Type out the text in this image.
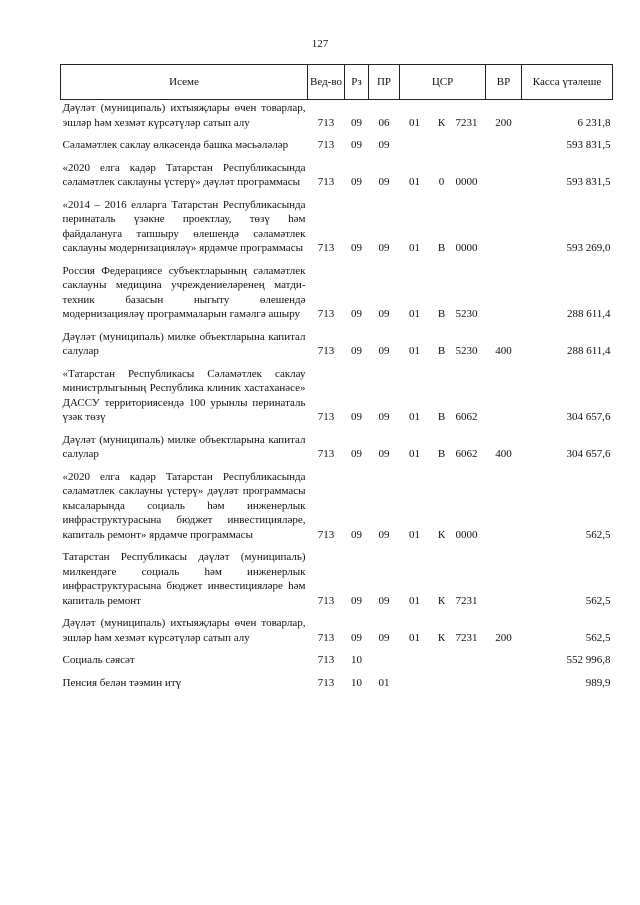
127
Исеме	Вед-во	Рз	ПР	ЦСР			ВР	Касса үтәлеше
Дәүләт (муниципаль) ихтыяҗлары өчен товарлар, эшләр һәм хезмәт күрсәтүләр сатып алу	713	09	06	01	К	7231	200	6 231,8

Сәламәтлек саклау өлкәсендә башка мәсьәләләр	713	09	09					593 831,5

«2020 елга кадәр Татарстан Республикасында сәламәтлек саклауны үстерү» дәүләт программасы	713	09	09	01	0	0000		593 831,5

«2014 – 2016 елларга Татарстан Республикасында перинаталь үзәкне проектлау, төзү һәм файдалануга тапшыру өлешендә сәламәтлек саклауны модернизацияләү» ярдәмче программасы	713	09	09	01	В	0000		593 269,0

Россия Федерациясе субъектларының сәламәтлек саклауны медицина учреждениеләренең матди-техник базасын ныгыту өлешендә модернизацияләү программаларын гамәлгә ашыру	713	09	09	01	В	5230		288 611,4

Дәүләт (муниципаль) милке объектларына капитал салулар	713	09	09	01	В	5230	400	288 611,4

«Татарстан Республикасы Сәламәтлек саклау министрлыгының Республика клиник хастаханәсе» ДАССУ территориясендә 100 урынлы перинаталь үзәк төзү	713	09	09	01	В	6062		304 657,6

Дәүләт (муниципаль) милке объектларына капитал салулар	713	09	09	01	В	6062	400	304 657,6

«2020 елга кадәр Татарстан Республикасында сәламәтлек саклауны үстерү» дәүләт программасы кысаларында социаль һәм инженерлык инфраструктурасына бюджет инвестицияләре, капиталь ремонт» ярдәмче программасы	713	09	09	01	К	0000		562,5

Татарстан Республикасы дәүләт (муниципаль) милкендәге социаль һәм инженерлык инфраструктурасына бюджет инвестицияләре һәм капиталь ремонт	713	09	09	01	К	7231		562,5

Дәүләт (муниципаль) ихтыяҗлары өчен товарлар, эшләр һәм хезмәт күрсәтүләр сатып алу	713	09	09	01	К	7231	200	562,5

Социаль сәясәт	713	10						552 996,8

Пенсия белән тәэмин итү	713	10	01					989,9
